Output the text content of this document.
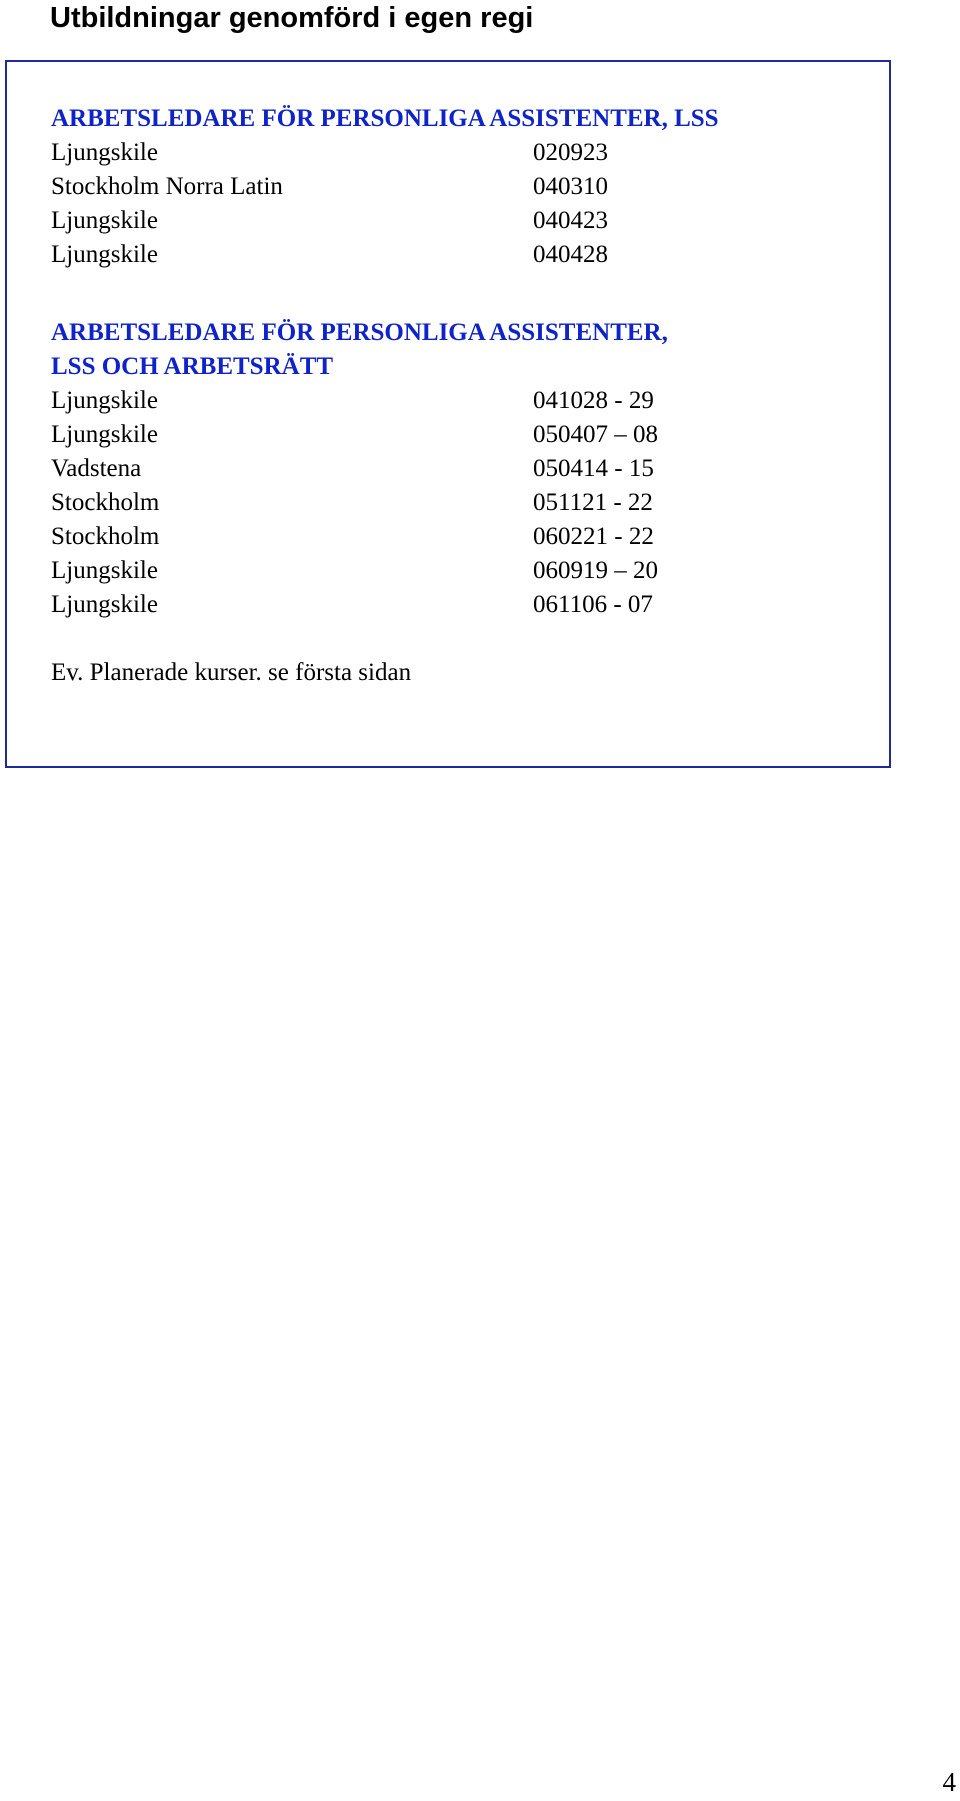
Utbildningar genomförd i egen regi
ARBETSLEDARE FÖR PERSONLIGA ASSISTENTER, LSS
Ljungskile	020923
Stockholm Norra Latin	040310
Ljungskile	040423
Ljungskile	040428
ARBETSLEDARE FÖR PERSONLIGA ASSISTENTER,
LSS OCH ARBETSRÄTT
Ljungskile	041028 - 29
Ljungskile	050407 – 08
Vadstena	050414 - 15
Stockholm	051121 - 22
Stockholm	060221 - 22
Ljungskile	060919 – 20
Ljungskile	061106 - 07
Ev. Planerade kurser. se första sidan
4
